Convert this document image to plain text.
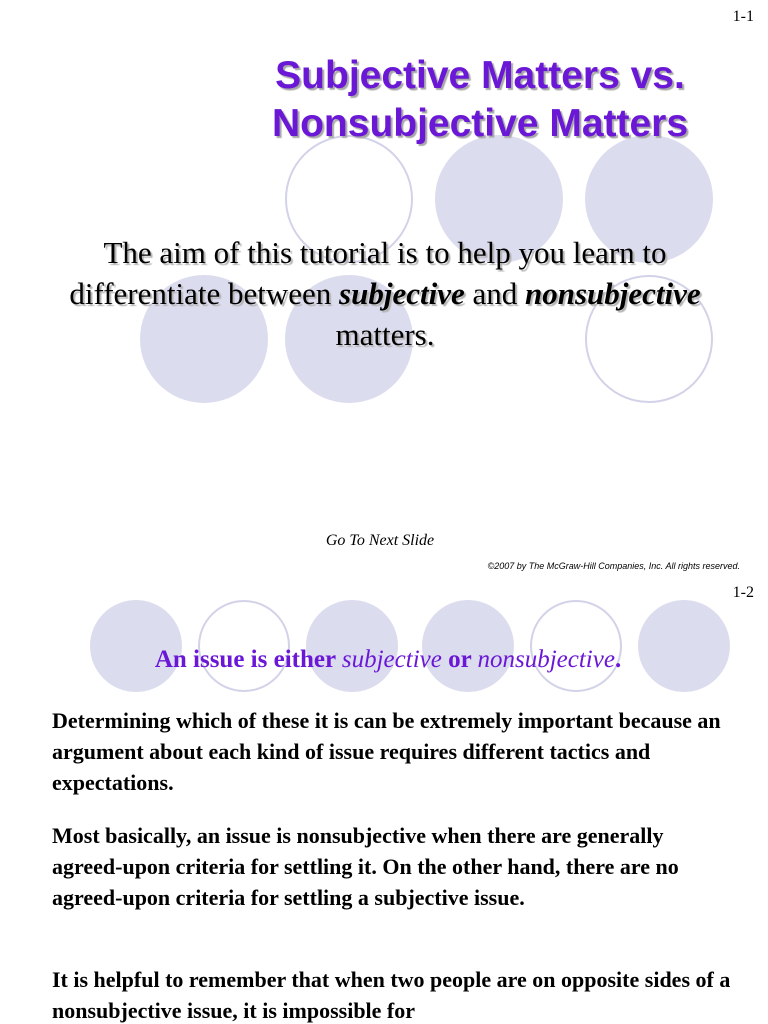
1-1
Subjective Matters vs.
Nonsubjective Matters
The aim of this tutorial is to help you learn to differentiate between subjective and nonsubjective matters.
Go To Next Slide
©2007 by The McGraw-Hill Companies, Inc. All rights reserved.
1-2
An issue is either subjective or nonsubjective.

Determining which of these it is can be extremely important because an argument about each kind of issue requires different tactics and expectations.

Most basically, an issue is nonsubjective when there are generally agreed-upon criteria for settling it. On the other hand, there are no agreed-upon criteria for settling a subjective issue.

It is helpful to remember that when two people are on opposite sides of a nonsubjective issue, it is impossible for
